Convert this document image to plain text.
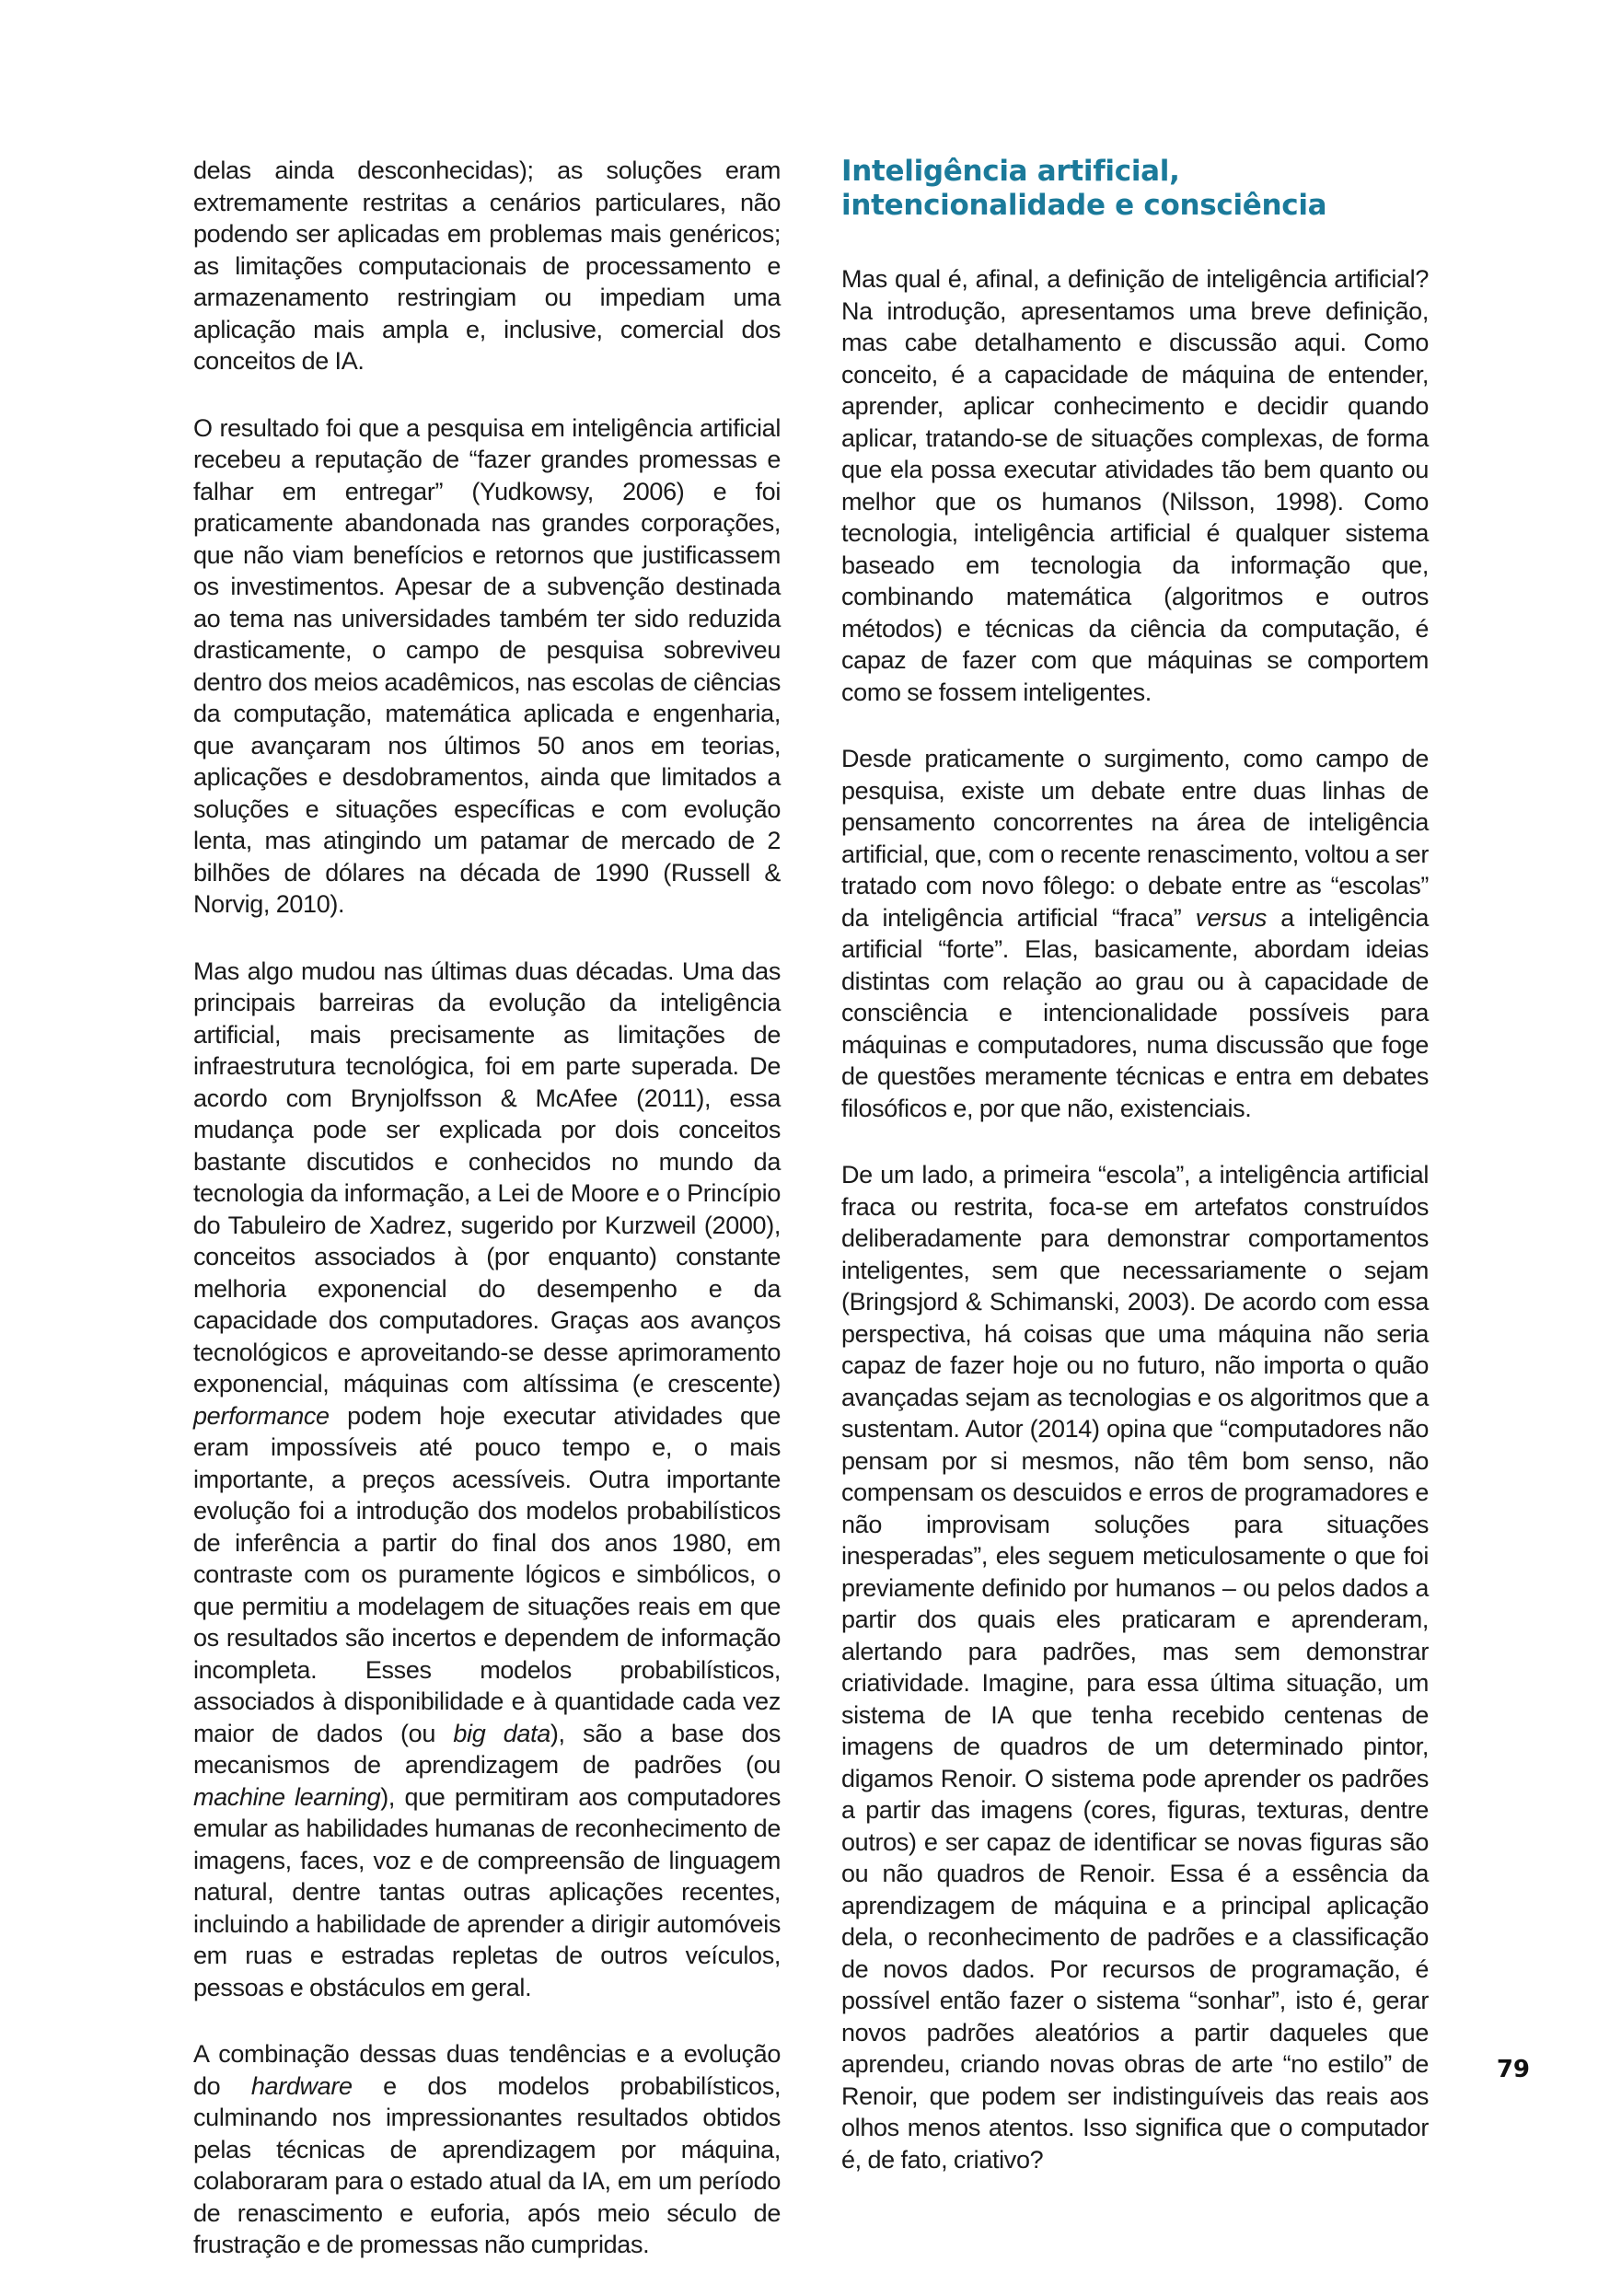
delas ainda desconhecidas); as soluções eram extremamente restritas a cenários particulares, não podendo ser aplicadas em problemas mais genéricos; as limitações computacionais de processamento e armazenamento restringiam ou impediam uma aplicação mais ampla e, inclusive, comercial dos conceitos de IA.

O resultado foi que a pesquisa em inteligência artificial recebeu a reputação de “fazer grandes promessas e falhar em entregar” (Yudkowsy, 2006) e foi praticamente abandonada nas grandes corporações, que não viam benefícios e retornos que justificassem os investimentos. Apesar de a subvenção destinada ao tema nas universidades também ter sido reduzida drasticamente, o campo de pesquisa sobreviveu dentro dos meios acadêmicos, nas escolas de ciências da computação, matemática aplicada e engenharia, que avançaram nos últimos 50 anos em teorias, aplicações e desdobramentos, ainda que limitados a soluções e situações específicas e com evolução lenta, mas atingindo um patamar de mercado de 2 bilhões de dólares na década de 1990 (Russell & Norvig, 2010).

Mas algo mudou nas últimas duas décadas. Uma das principais barreiras da evolução da inteligência artificial, mais precisamente as limitações de infraestrutura tecnológica, foi em parte superada. De acordo com Brynjolfsson & McAfee (2011), essa mudança pode ser explicada por dois conceitos bastante discutidos e conhecidos no mundo da tecnologia da informação, a Lei de Moore e o Princípio do Tabuleiro de Xadrez, sugerido por Kurzweil (2000), conceitos associados à (por enquanto) constante melhoria exponencial do desempenho e da capacidade dos computadores. Graças aos avanços tecnológicos e aproveitando-se desse aprimoramento exponencial, máquinas com altíssima (e crescente) performance podem hoje executar atividades que eram impossíveis até pouco tempo e, o mais importante, a preços acessíveis. Outra importante evolução foi a introdução dos modelos probabilísticos de inferência a partir do final dos anos 1980, em contraste com os puramente lógicos e simbólicos, o que permitiu a modelagem de situações reais em que os resultados são incertos e dependem de informação incompleta. Esses modelos probabilísticos, associados à disponibilidade e à quantidade cada vez maior de dados (ou big data), são a base dos mecanismos de aprendizagem de padrões (ou machine learning), que permitiram aos computadores emular as habilidades humanas de reconhecimento de imagens, faces, voz e de compreensão de linguagem natural, dentre tantas outras aplicações recentes, incluindo a habilidade de aprender a dirigir automóveis em ruas e estradas repletas de outros veículos, pessoas e obstáculos em geral.

A combinação dessas duas tendências e a evolução do hardware e dos modelos probabilísticos, culminando nos impressionantes resultados obtidos pelas técnicas de aprendizagem por máquina, colaboraram para o estado atual da IA, em um período de renascimento e euforia, após meio século de frustração e de promessas não cumpridas.

Inteligência artificial,
intencionalidade e consciência

Mas qual é, afinal, a definição de inteligência artificial? Na introdução, apresentamos uma breve definição, mas cabe detalhamento e discussão aqui. Como conceito, é a capacidade de máquina de entender, aprender, aplicar conhecimento e decidir quando aplicar, tratando-se de situações complexas, de forma que ela possa executar atividades tão bem quanto ou melhor que os humanos (Nilsson, 1998). Como tecnologia, inteligência artificial é qualquer sistema baseado em tecnologia da informação que, combinando matemática (algoritmos e outros métodos) e técnicas da ciência da computação, é capaz de fazer com que máquinas se comportem como se fossem inteligentes.

Desde praticamente o surgimento, como campo de pesquisa, existe um debate entre duas linhas de pensamento concorrentes na área de inteligência artificial, que, com o recente renascimento, voltou a ser tratado com novo fôlego: o debate entre as “escolas” da inteligência artificial “fraca” versus a inteligência artificial “forte”. Elas, basicamente, abordam ideias distintas com relação ao grau ou à capacidade de consciência e intencionalidade possíveis para máquinas e computadores, numa discussão que foge de questões meramente técnicas e entra em debates filosóficos e, por que não, existenciais.

De um lado, a primeira “escola”, a inteligência artificial fraca ou restrita, foca-se em artefatos construídos deliberadamente para demonstrar comportamentos inteligentes, sem que necessariamente o sejam (Bringsjord & Schimanski, 2003). De acordo com essa perspectiva, há coisas que uma máquina não seria capaz de fazer hoje ou no futuro, não importa o quão avançadas sejam as tecnologias e os algoritmos que a sustentam. Autor (2014) opina que “computadores não pensam por si mesmos, não têm bom senso, não compensam os descuidos e erros de programadores e não improvisam soluções para situações inesperadas”, eles seguem meticulosamente o que foi previamente definido por humanos – ou pelos dados a partir dos quais eles praticaram e aprenderam, alertando para padrões, mas sem demonstrar criatividade. Imagine, para essa última situação, um sistema de IA que tenha recebido centenas de imagens de quadros de um determinado pintor, digamos Renoir. O sistema pode aprender os padrões a partir das imagens (cores, figuras, texturas, dentre outros) e ser capaz de identificar se novas figuras são ou não quadros de Renoir. Essa é a essência da aprendizagem de máquina e a principal aplicação dela, o reconhecimento de padrões e a classificação de novos dados. Por recursos de programação, é possível então fazer o sistema “sonhar”, isto é, gerar novos padrões aleatórios a partir daqueles que aprendeu, criando novas obras de arte “no estilo” de Renoir, que podem ser indistinguíveis das reais aos olhos menos atentos. Isso significa que o computador é, de fato, criativo?

79
